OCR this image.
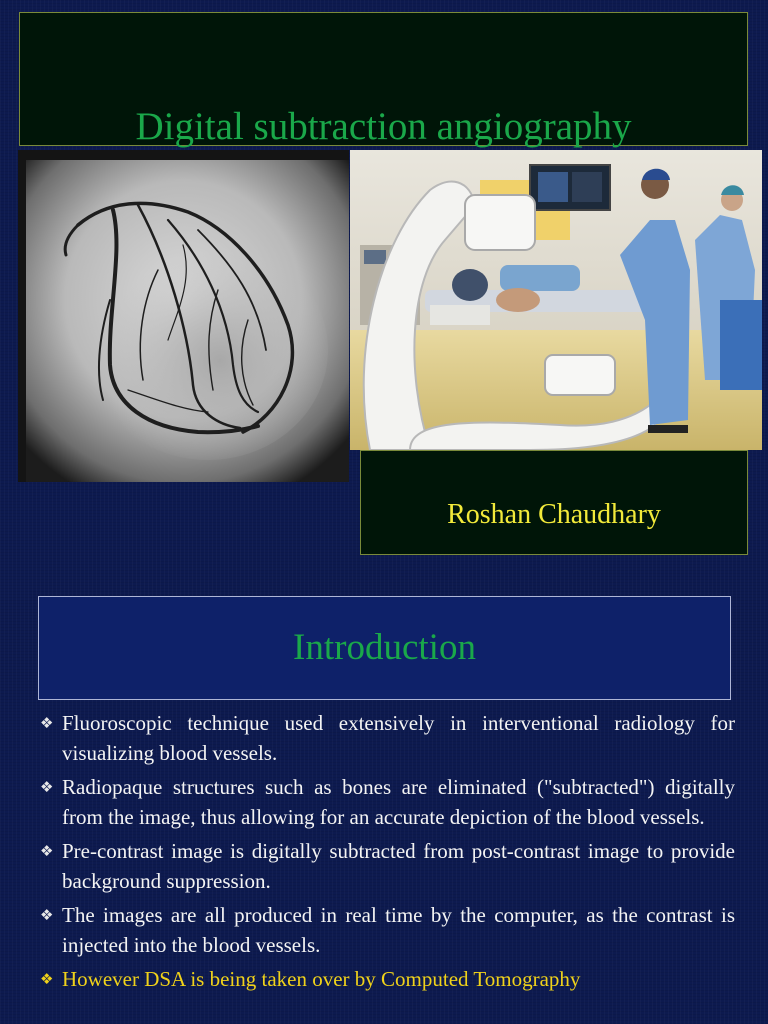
Digital subtraction angiography
Roshan Chaudhary
Introduction
❖ Fluoroscopic technique used extensively in interventional radiology for visualizing blood vessels.
❖ Radiopaque structures such as bones are eliminated ("subtracted") digitally from the image, thus allowing for an accurate depiction of the blood vessels.
❖ Pre-contrast image is digitally subtracted from post-contrast image to provide background suppression.
❖ The images are all produced in real time by the computer, as the contrast is injected into the blood vessels.
❖ However DSA is being taken over by Computed Tomography
